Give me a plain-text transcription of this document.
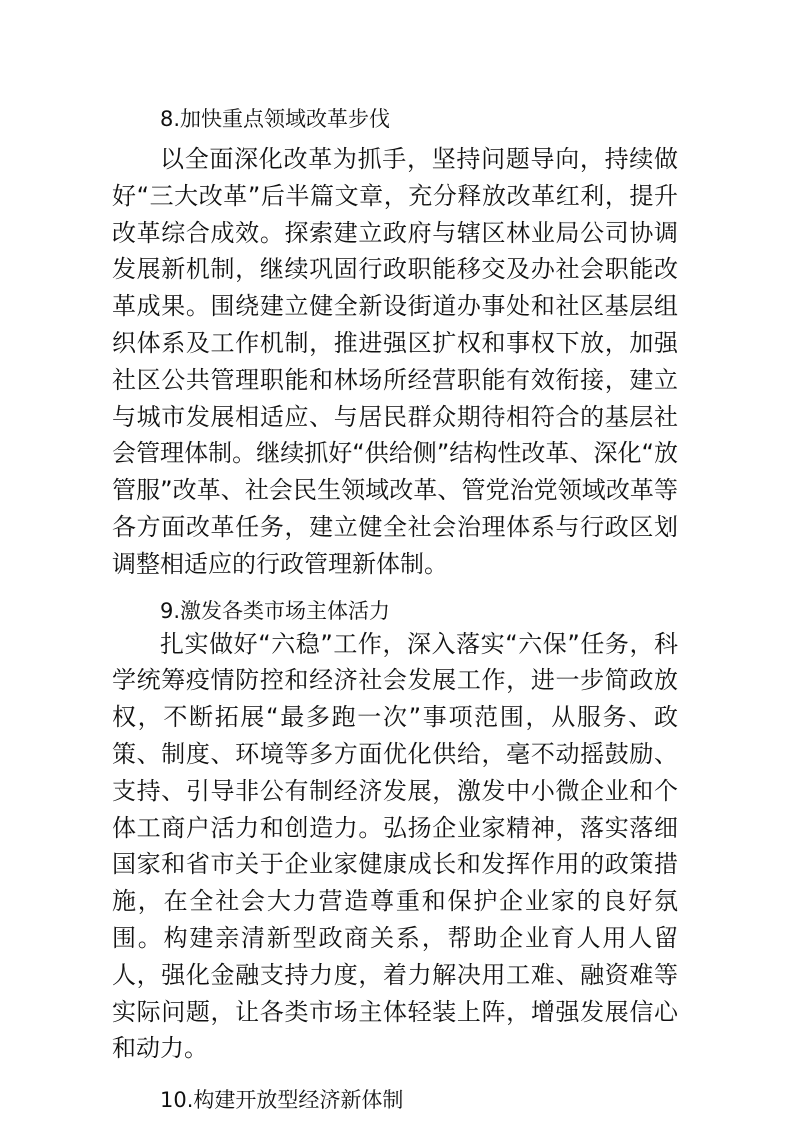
8.加快重点领域改革步伐

以全面深化改革为抓手，坚持问题导向，持续做好“三大改革”后半篇文章，充分释放改革红利，提升改革综合成效。探索建立政府与辖区林业局公司协调发展新机制，继续巩固行政职能移交及办社会职能改革成果。围绕建立健全新设街道办事处和社区基层组织体系及工作机制，推进强区扩权和事权下放，加强社区公共管理职能和林场所经营职能有效衔接，建立与城市发展相适应、与居民群众期待相符合的基层社会管理体制。继续抓好“供给侧”结构性改革、深化“放管服”改革、社会民生领域改革、管党治党领域改革等各方面改革任务，建立健全社会治理体系与行政区划调整相适应的行政管理新体制。

9.激发各类市场主体活力

扎实做好“六稳”工作，深入落实“六保”任务，科学统筹疫情防控和经济社会发展工作，进一步简政放权，不断拓展“最多跑一次”事项范围，从服务、政策、制度、环境等多方面优化供给，毫不动摇鼓励、支持、引导非公有制经济发展，激发中小微企业和个体工商户活力和创造力。弘扬企业家精神，落实落细国家和省市关于企业家健康成长和发挥作用的政策措施，在全社会大力营造尊重和保护企业家的良好氛围。构建亲清新型政商关系，帮助企业育人用人留人，强化金融支持力度，着力解决用工难、融资难等实际问题，让各类市场主体轻装上阵，增强发展信心和动力。

10.构建开放型经济新体制
